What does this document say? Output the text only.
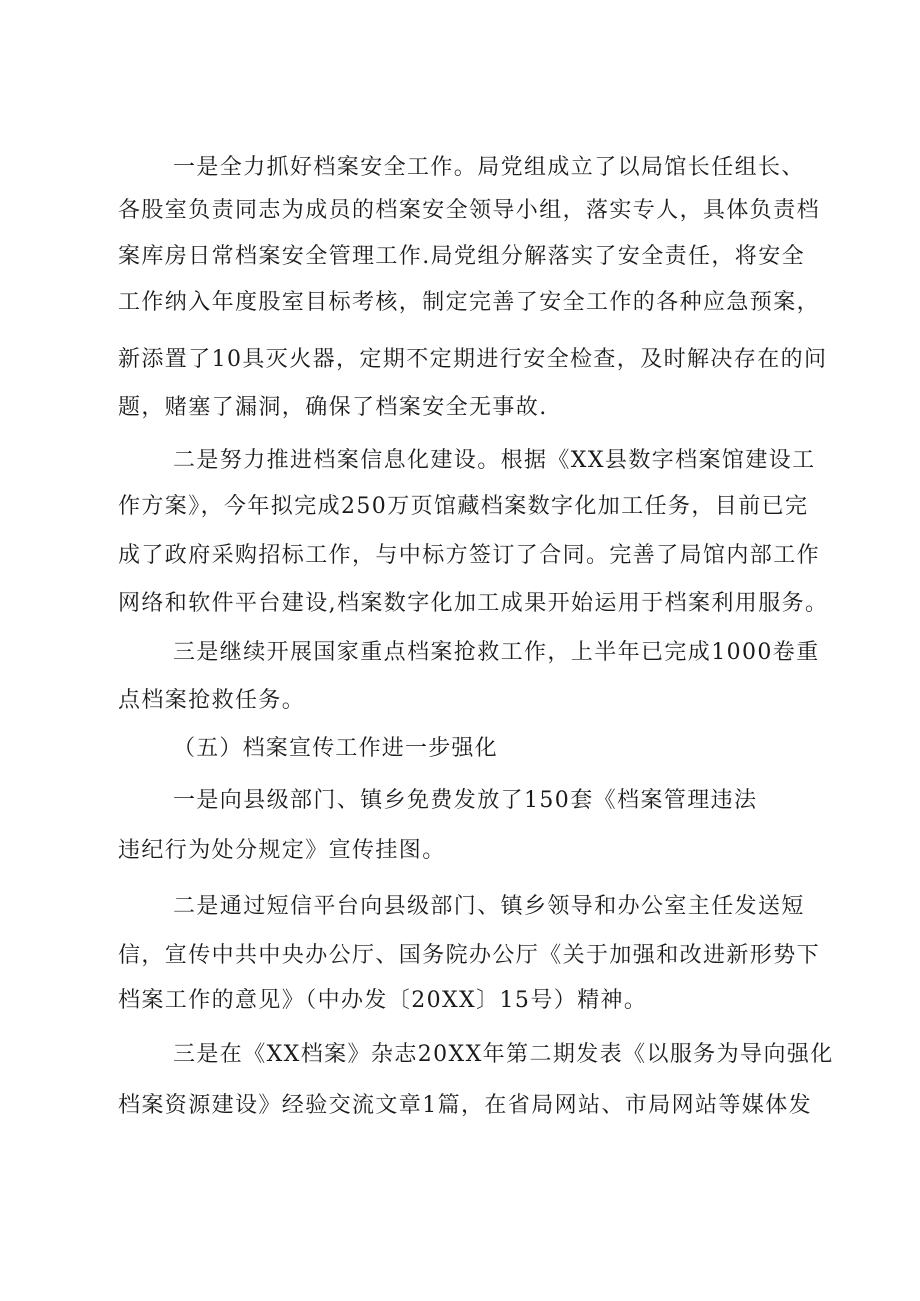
一是全力抓好档案安全工作。局党组成立了以局馆长任组长、
各股室负责同志为成员的档案安全领导小组，落实专人，具体负责档
案库房日常档案安全管理工作.局党组分解落实了安全责任，将安全
工作纳入年度股室目标考核，制定完善了安全工作的各种应急预案，
新添置了10具灭火器，定期不定期进行安全检查，及时解决存在的问
题，赌塞了漏洞，确保了档案安全无事故.
二是努力推进档案信息化建设。根据《XX县数字档案馆建设工
作方案》，今年拟完成250万页馆藏档案数字化加工任务，目前已完
成了政府采购招标工作，与中标方签订了合同。完善了局馆内部工作
网络和软件平台建设,档案数字化加工成果开始运用于档案利用服务。
三是继续开展国家重点档案抢救工作，上半年已完成1000卷重
点档案抢救任务。
（五）档案宣传工作进一步强化
一是向县级部门、镇乡免费发放了150套《档案管理违法
违纪行为处分规定》宣传挂图。
二是通过短信平台向县级部门、镇乡领导和办公室主任发送短
信，宣传中共中央办公厅、国务院办公厅《关于加强和改进新形势下
档案工作的意见》（中办发〔20XX〕15号）精神。
三是在《XX档案》杂志20XX年第二期发表《以服务为导向强化
档案资源建设》经验交流文章1篇，在省局网站、市局网站等媒体发
